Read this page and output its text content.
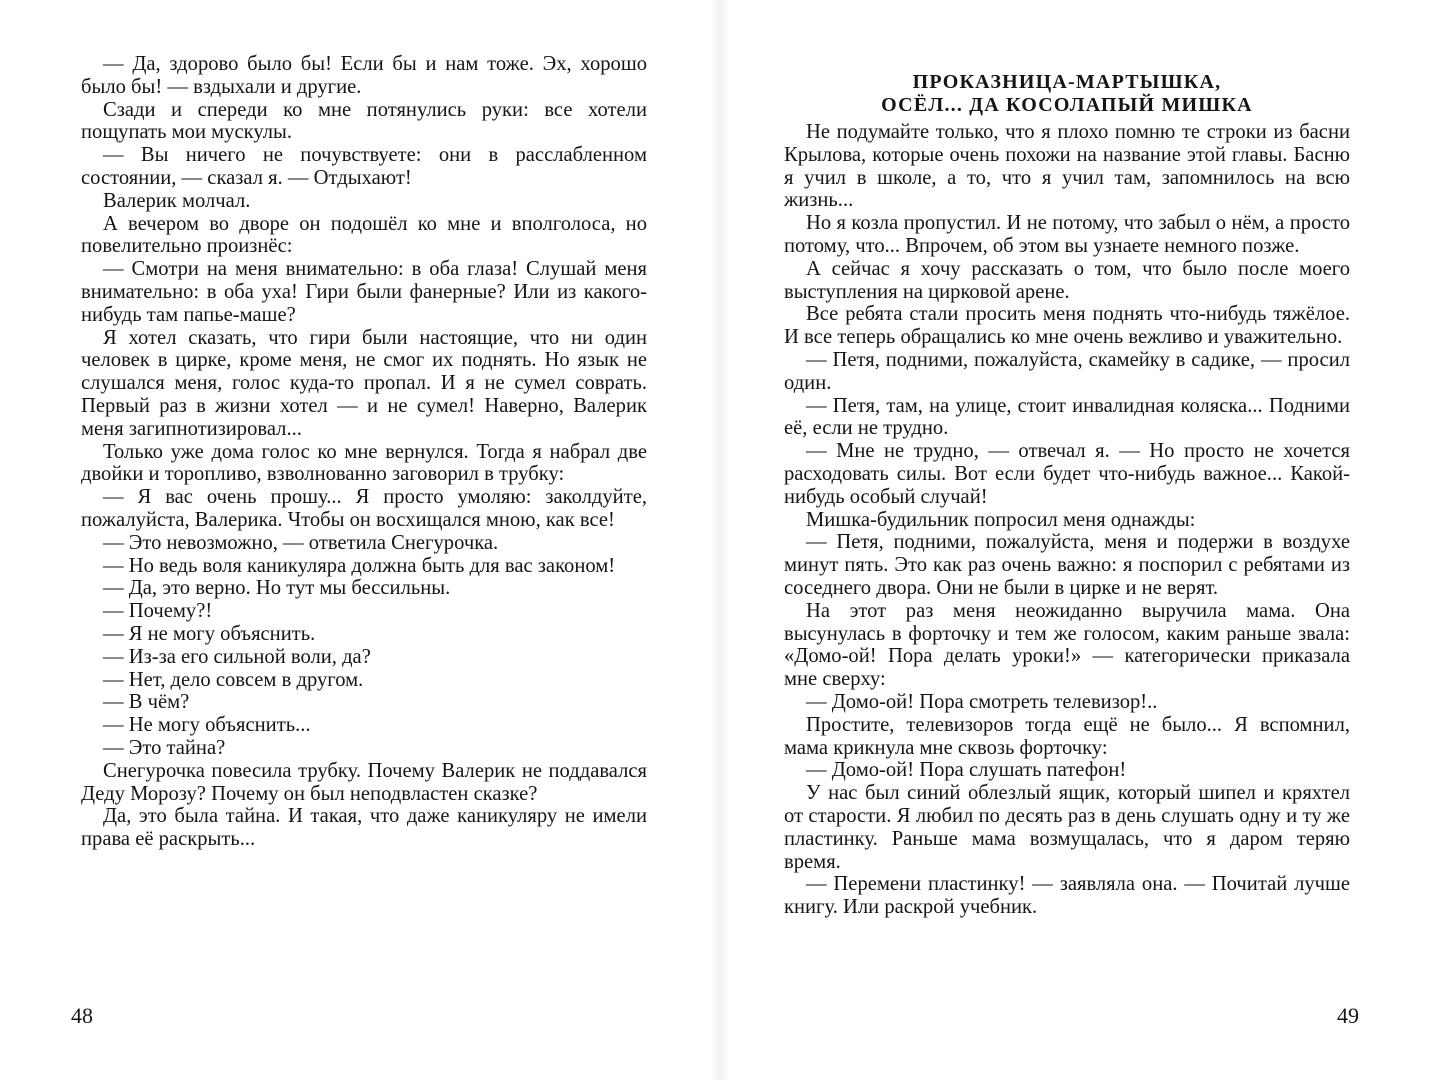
— Да, здорово было бы! Если бы и нам тоже. Эх, хорошо было бы! — вздыхали и другие.

Сзади и спереди ко мне потянулись руки: все хотели пощупать мои мускулы.

— Вы ничего не почувствуете: они в расслабленном состоянии, — сказал я. — Отдыхают!

Валерик молчал.

А вечером во дворе он подошёл ко мне и вполголоса, но повелительно произнёс:

— Смотри на меня внимательно: в оба глаза! Слушай меня внимательно: в оба уха! Гири были фанерные? Или из какого-нибудь там папье-маше?

Я хотел сказать, что гири были настоящие, что ни один человек в цирке, кроме меня, не смог их поднять. Но язык не слушался меня, голос куда-то пропал. И я не сумел соврать. Первый раз в жизни хотел — и не сумел! Наверно, Валерик меня загипнотизировал...

Только уже дома голос ко мне вернулся. Тогда я набрал две двойки и торопливо, взволнованно заговорил в трубку:

— Я вас очень прошу... Я просто умоляю: заколдуйте, пожалуйста, Валерика. Чтобы он восхищался мною, как все!

— Это невозможно, — ответила Снегурочка.

— Но ведь воля каникуляра должна быть для вас законом!

— Да, это верно. Но тут мы бессильны.

— Почему?!

— Я не могу объяснить.

— Из-за его сильной воли, да?

— Нет, дело совсем в другом.

— В чём?

— Не могу объяснить...

— Это тайна?

Снегурочка повесила трубку. Почему Валерик не поддавался Деду Морозу? Почему он был неподвластен сказке?

Да, это была тайна. И такая, что даже каникуляру не имели права её раскрыть...

48
ПРОКАЗНИЦА-МАРТЫШКА,
ОСЁЛ... ДА КОСОЛАПЫЙ МИШКА

Не подумайте только, что я плохо помню те строки из басни Крылова, которые очень похожи на название этой главы. Басню я учил в школе, а то, что я учил там, запомнилось на всю жизнь...

Но я козла пропустил. И не потому, что забыл о нём, а просто потому, что... Впрочем, об этом вы узнаете немного позже.

А сейчас я хочу рассказать о том, что было после моего выступления на цирковой арене.

Все ребята стали просить меня поднять что-нибудь тяжёлое. И все теперь обращались ко мне очень вежливо и уважительно.

— Петя, подними, пожалуйста, скамейку в садике, — просил один.

— Петя, там, на улице, стоит инвалидная коляска... Подними её, если не трудно.

— Мне не трудно, — отвечал я. — Но просто не хочется расходовать силы. Вот если будет что-нибудь важное... Какой-нибудь особый случай!

Мишка-будильник попросил меня однажды:

— Петя, подними, пожалуйста, меня и подержи в воздухе минут пять. Это как раз очень важно: я поспорил с ребятами из соседнего двора. Они не были в цирке и не верят.

На этот раз меня неожиданно выручила мама. Она высунулась в форточку и тем же голосом, каким раньше звала: «Домо-ой! Пора делать уроки!» — категорически приказала мне сверху:

— Домо-ой! Пора смотреть телевизор!..

Простите, телевизоров тогда ещё не было... Я вспомнил, мама крикнула мне сквозь форточку:

— Домо-ой! Пора слушать патефон!

У нас был синий облезлый ящик, который шипел и кряхтел от старости. Я любил по десять раз в день слушать одну и ту же пластинку. Раньше мама возмущалась, что я даром теряю время.

— Перемени пластинку! — заявляла она. — Почитай лучше книгу. Или раскрой учебник.

49
